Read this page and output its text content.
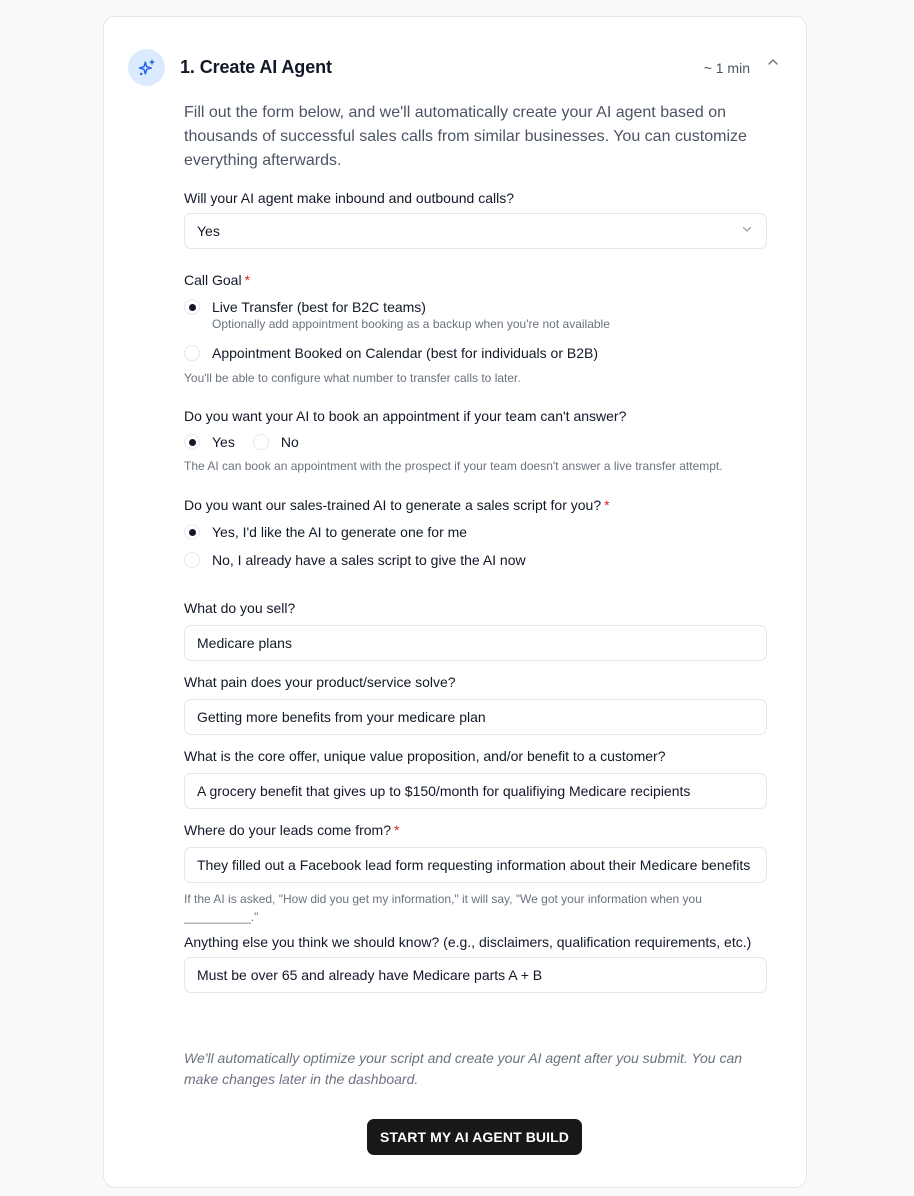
1. Create AI Agent	~ 1 min

Fill out the form below, and we'll automatically create your AI agent based on thousands of successful sales calls from similar businesses. You can customize everything afterwards.

Will your AI agent make inbound and outbound calls?
Yes
Call Goal *
Live Transfer (best for B2C teams)
Optionally add appointment booking as a backup when you're not available
Appointment Booked on Calendar (best for individuals or B2B)
You'll be able to configure what number to transfer calls to later.
Do you want your AI to book an appointment if your team can't answer?
Yes	No
The AI can book an appointment with the prospect if your team doesn't answer a live transfer attempt.
Do you want our sales-trained AI to generate a sales script for you? *
Yes, I'd like the AI to generate one for me
No, I already have a sales script to give the AI now
What do you sell?
Medicare plans
What pain does your product/service solve?
Getting more benefits from your medicare plan
What is the core offer, unique value proposition, and/or benefit to a customer?
A grocery benefit that gives up to $150/month for qualifiying Medicare recipients
Where do your leads come from? *
They filled out a Facebook lead form requesting information about their Medicare benefits
If the AI is asked, "How did you get my information," it will say, "We got your information when you __________."
Anything else you think we should know? (e.g., disclaimers, qualification requirements, etc.)
Must be over 65 and already have Medicare parts A + B

We'll automatically optimize your script and create your AI agent after you submit. You can make changes later in the dashboard.

START MY AI AGENT BUILD
